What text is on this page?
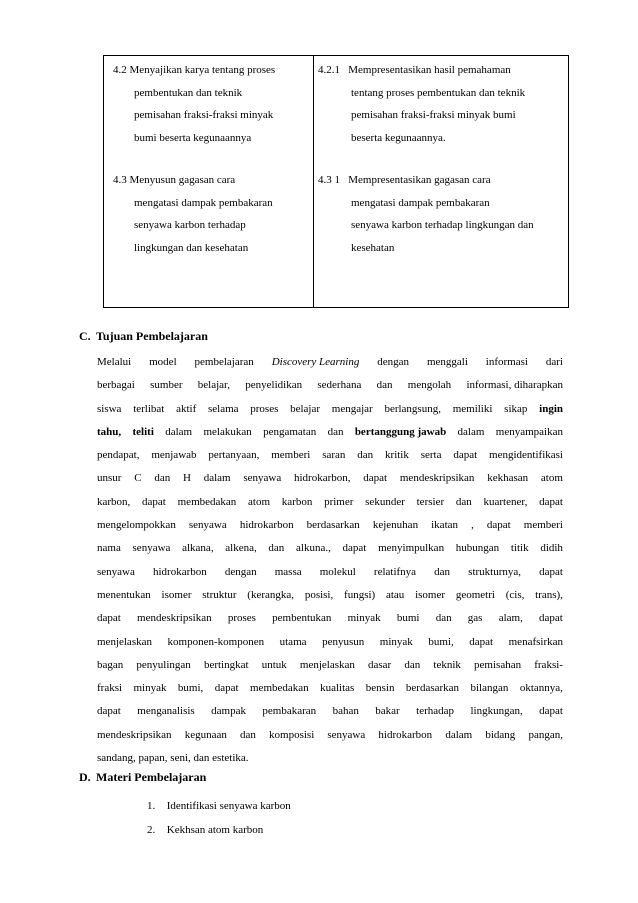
4.2 Menyajikan karya tentang proses
pembentukan dan teknik
pemisahan fraksi-fraksi minyak
bumi beserta kegunaannya
4.3 Menyusun gagasan cara
mengatasi dampak pembakaran
senyawa karbon terhadap
lingkungan dan kesehatan
4.2.1 Mempresentasikan hasil pemahaman
tentang proses pembentukan dan teknik
pemisahan fraksi-fraksi minyak bumi
beserta kegunaannya.
4.3 1 Mempresentasikan gagasan cara
mengatasi dampak pembakaran
senyawa karbon terhadap lingkungan dan
kesehatan
C. Tujuan Pembelajaran
Melalui model pembelajaran Discovery Learning dengan menggali informasi dari
berbagai sumber belajar, penyelidikan sederhana dan mengolah informasi, diharapkan
siswa terlibat aktif selama proses belajar mengajar berlangsung, memiliki sikap ingin
tahu, teliti dalam melakukan pengamatan dan bertanggung jawab dalam menyampaikan
pendapat, menjawab pertanyaan, memberi saran dan kritik serta dapat mengidentifikasi
unsur C dan H dalam senyawa hidrokarbon, dapat mendeskripsikan kekhasan atom
karbon, dapat membedakan atom karbon primer sekunder tersier dan kuartener, dapat
mengelompokkan senyawa hidrokarbon berdasarkan kejenuhan ikatan , dapat memberi
nama senyawa alkana, alkena, dan alkuna., dapat menyimpulkan hubungan titik didih
senyawa hidrokarbon dengan massa molekul relatifnya dan strukturnya, dapat
menentukan isomer struktur (kerangka, posisi, fungsi) atau isomer geometri (cis, trans),
dapat mendeskripsikan proses pembentukan minyak bumi dan gas alam, dapat
menjelaskan komponen-komponen utama penyusun minyak bumi, dapat menafsirkan
bagan penyulingan bertingkat untuk menjelaskan dasar dan teknik pemisahan fraksi-
fraksi minyak bumi, dapat membedakan kualitas bensin berdasarkan bilangan oktannya,
dapat menganalisis dampak pembakaran bahan bakar terhadap lingkungan, dapat
mendeskripsikan kegunaan dan komposisi senyawa hidrokarbon dalam bidang pangan,
sandang, papan, seni, dan estetika.
D. Materi Pembelajaran
1. Identifikasi senyawa karbon
2. Kekhsan atom karbon
